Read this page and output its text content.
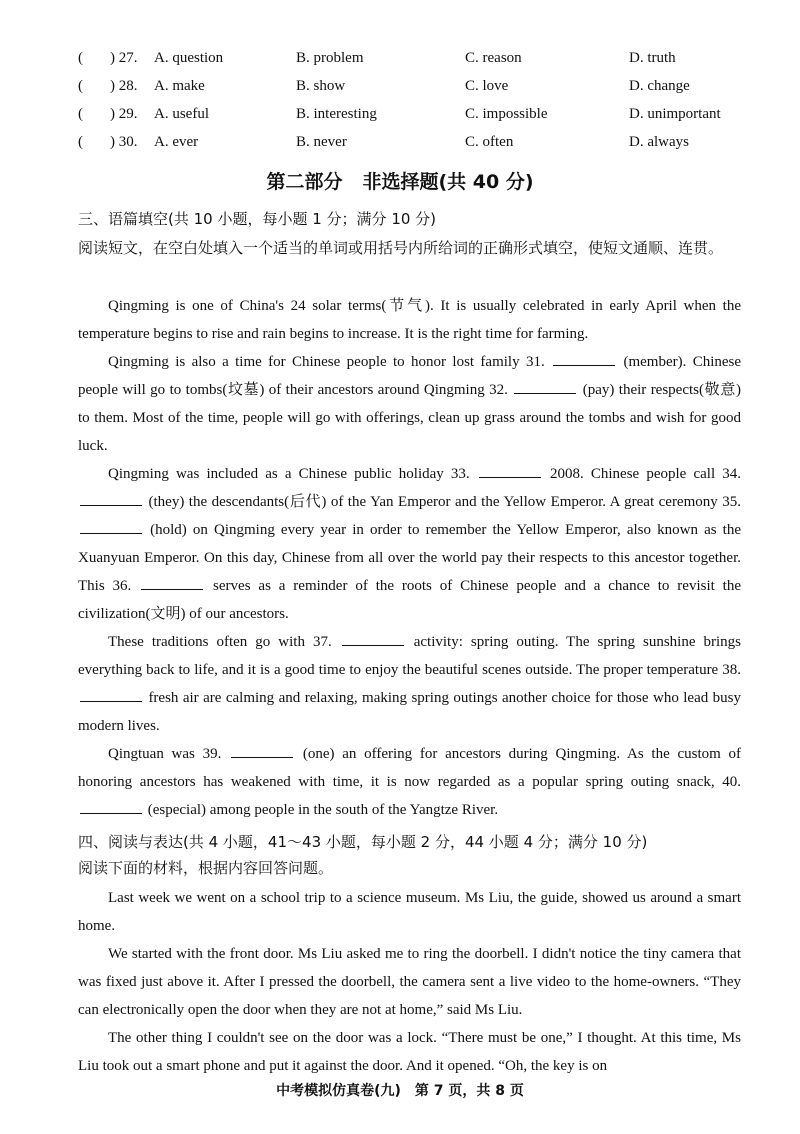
( ) 27. A. question	B. problem	C. reason	D. truth
( ) 28. A. make	B. show	C. love	D. change
( ) 29. A. useful	B. interesting	C. impossible	D. unimportant
( ) 30. A. ever	B. never	C. often	D. always
第二部分 非选择题(共 40 分)
三、语篇填空(共 10 小题，每小题 1 分；满分 10 分)
阅读短文，在空白处填入一个适当的单词或用括号内所给词的正确形式填空，使短文通顺、连贯。

Qingming is one of China's 24 solar terms(节气). It is usually celebrated in early April when the temperature begins to rise and rain begins to increase. It is the right time for farming.

Qingming is also a time for Chinese people to honor lost family 31.	(member). Chinese people will go to tombs(坟墓) of their ancestors around Qingming 32.	(pay) their respects(敬意) to them. Most of the time, people will go with offerings, clean up grass around the tombs and wish for good luck.

Qingming was included as a Chinese public holiday 33.	2008. Chinese people call 34.  (they) the descendants(后代) of the Yan Emperor and the Yellow Emperor. A great ceremony 35.  (hold) on Qingming every year in order to remember the Yellow Emperor, also known as the Xuanyuan Emperor. On this day, Chinese from all over the world pay their respects to this ancestor together. This 36.	serves as a reminder of the roots of Chinese people and a chance to revisit the civilization(文明) of our ancestors.

These traditions often go with 37.	activity: spring outing. The spring sunshine brings everything back to life, and it is a good time to enjoy the beautiful scenes outside. The proper temperature 38.  fresh air are calming and relaxing, making spring outings another choice for those who lead busy modern lives.

Qingtuan was 39.	(one) an offering for ancestors during Qingming. As the custom of honoring ancestors has weakened with time, it is now regarded as a popular spring outing snack, 40.  (especial) among people in the south of the Yangtze River.

四、阅读与表达(共 4 小题，41～43 小题，每小题 2 分，44 小题 4 分；满分 10 分)
阅读下面的材料，根据内容回答问题。

Last week we went on a school trip to a science museum. Ms Liu, the guide, showed us around a smart home.

We started with the front door. Ms Liu asked me to ring the doorbell. I didn't notice the tiny camera that was fixed just above it. After I pressed the doorbell, the camera sent a live video to the home-owners. “They can electronically open the door when they are not at home,” said Ms Liu.

The other thing I couldn't see on the door was a lock. “There must be one,” I thought. At this time, Ms Liu took out a smart phone and put it against the door. And it opened. “Oh, the key is on

中考模拟仿真卷(九)　第 7 页，共 8 页
